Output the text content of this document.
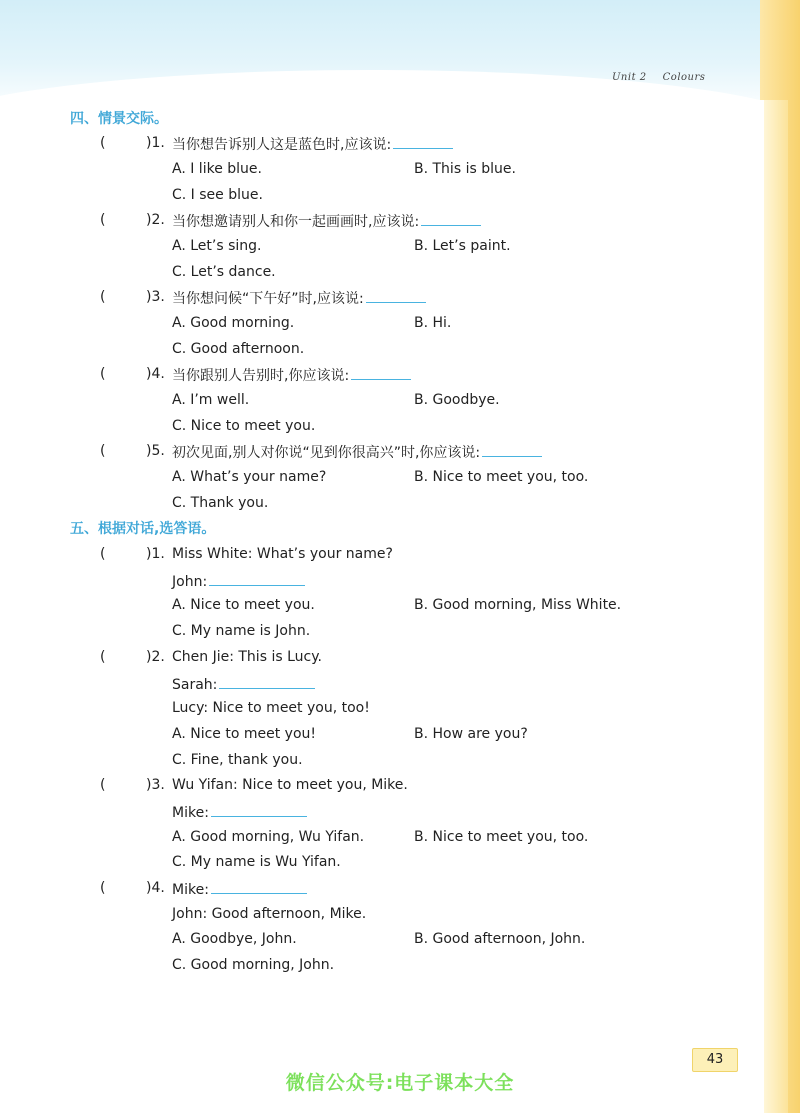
Unit 2 Colours
四、情景交际。
(	)1. 当你想告诉别人这是蓝色时,应该说:
A. I like blue.	B. This is blue.
C. I see blue.
(	)2. 当你想邀请别人和你一起画画时,应该说:
A. Let’s sing.	B. Let’s paint.
C. Let’s dance.
(	)3. 当你想问候“下午好”时,应该说:
A. Good morning.	B. Hi.
C. Good afternoon.
(	)4. 当你跟别人告别时,你应该说:
A. I’m well.	B. Goodbye.
C. Nice to meet you.
(	)5. 初次见面,别人对你说“见到你很高兴”时,你应该说:
A. What’s your name?	B. Nice to meet you, too.
C. Thank you.
五、根据对话,选答语。
(	)1. Miss White: What’s your name?
John:
A. Nice to meet you.	B. Good morning, Miss White.
C. My name is John.
(	)2. Chen Jie: This is Lucy.
Sarah:
Lucy: Nice to meet you, too!
A. Nice to meet you!	B. How are you?
C. Fine, thank you.
(	)3. Wu Yifan: Nice to meet you, Mike.
Mike:
A. Good morning, Wu Yifan.	B. Nice to meet you, too.
C. My name is Wu Yifan.
(	)4. Mike:
John: Good afternoon, Mike.
A. Goodbye, John.	B. Good afternoon, John.
C. Good morning, John.
43
微信公众号:电子课本大全
